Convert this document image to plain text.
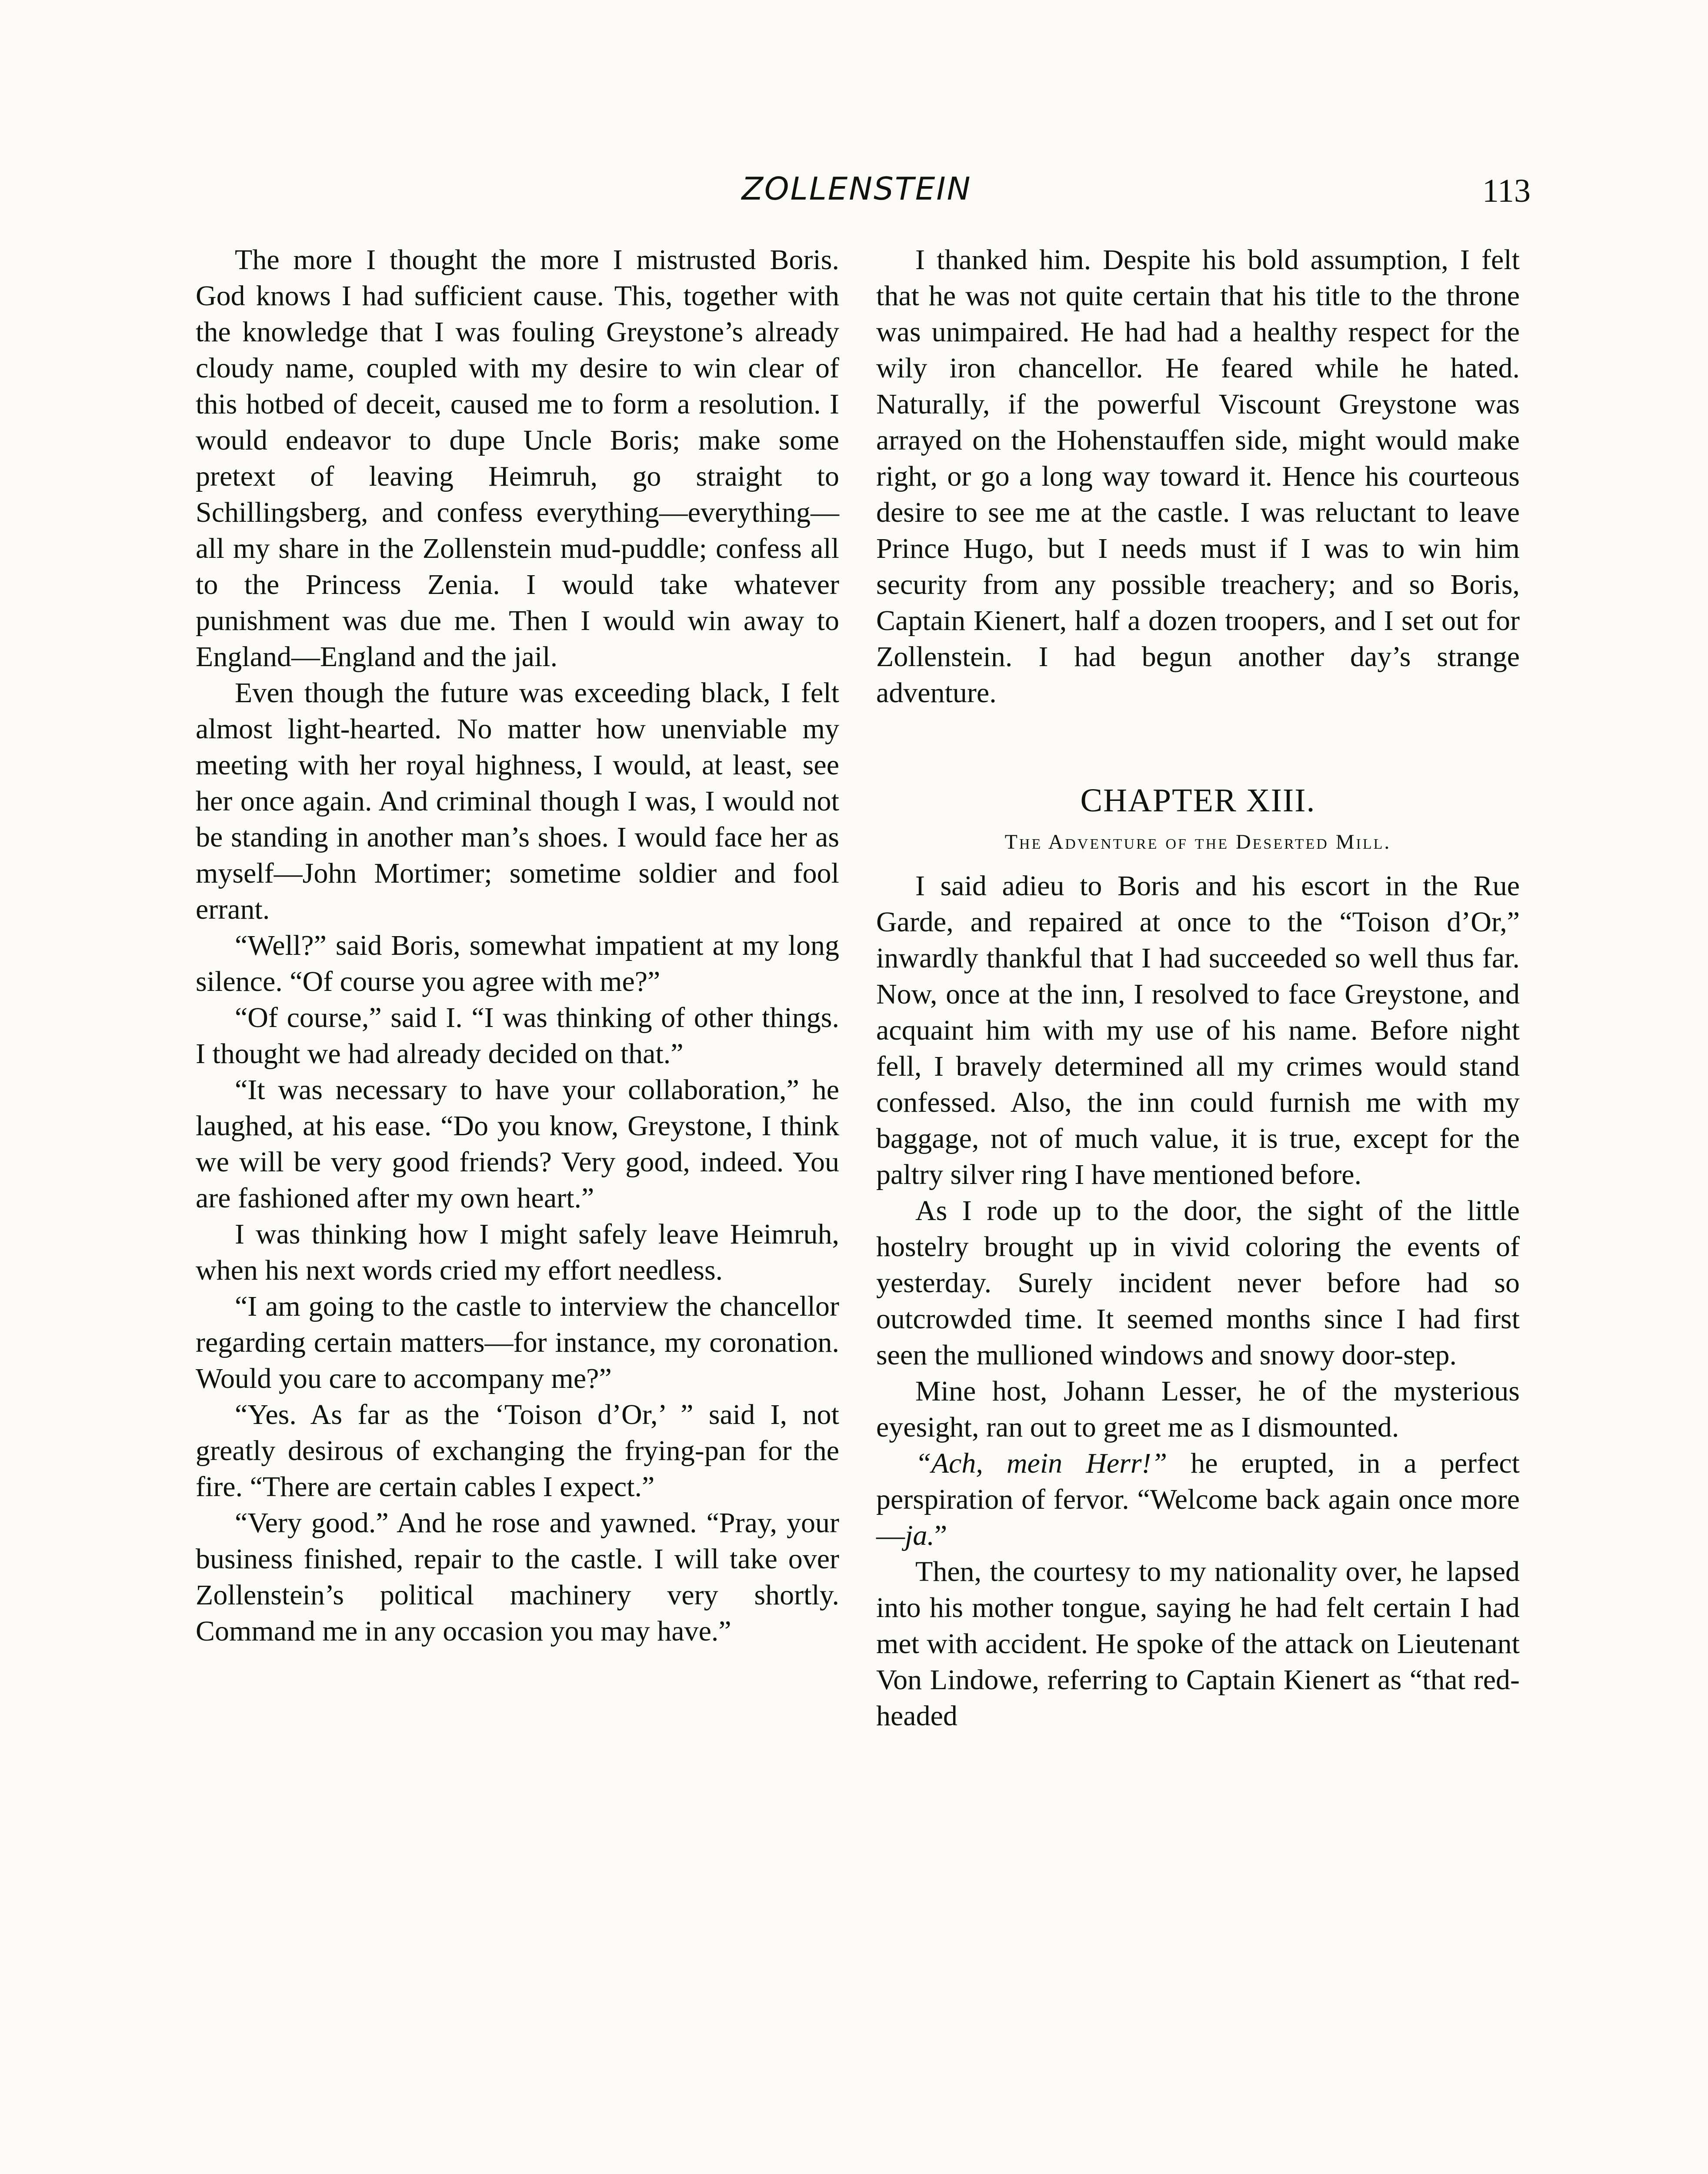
ZOLLENSTEIN	113

The more I thought the more I mistrusted Boris. God knows I had sufficient cause. This, together with the knowledge that I was fouling Greystone’s already cloudy name, coupled with my desire to win clear of this hotbed of deceit, caused me to form a resolution. I would endeavor to dupe Uncle Boris; make some pretext of leaving Heimruh, go straight to Schillingsberg, and confess everything—everything—all my share in the Zollenstein mud-puddle; confess all to the Princess Zenia. I would take whatever punishment was due me. Then I would win away to England—England and the jail.

Even though the future was exceeding black, I felt almost light-hearted. No matter how unenviable my meeting with her royal highness, I would, at least, see her once again. And criminal though I was, I would not be standing in another man’s shoes. I would face her as myself—John Mortimer; sometime soldier and fool errant.

“Well?” said Boris, somewhat impatient at my long silence. “Of course you agree with me?”

“Of course,” said I. “I was thinking of other things. I thought we had already decided on that.”

“It was necessary to have your collaboration,” he laughed, at his ease. “Do you know, Greystone, I think we will be very good friends? Very good, indeed. You are fashioned after my own heart.”

I was thinking how I might safely leave Heimruh, when his next words cried my effort needless.

“I am going to the castle to interview the chancellor regarding certain matters—for instance, my coronation. Would you care to accompany me?”

“Yes. As far as the ‘Toison d’Or,’ ” said I, not greatly desirous of exchanging the frying-pan for the fire. “There are certain cables I expect.”

“Very good.” And he rose and yawned. “Pray, your business finished, repair to the castle. I will take over Zollenstein’s political machinery very shortly. Command me in any occasion you may have.”

I thanked him. Despite his bold assumption, I felt that he was not quite certain that his title to the throne was unimpaired. He had had a healthy respect for the wily iron chancellor. He feared while he hated. Naturally, if the powerful Viscount Greystone was arrayed on the Hohenstauffen side, might would make right, or go a long way toward it. Hence his courteous desire to see me at the castle. I was reluctant to leave Prince Hugo, but I needs must if I was to win him security from any possible treachery; and so Boris, Captain Kienert, half a dozen troopers, and I set out for Zollenstein. I had begun another day’s strange adventure.

CHAPTER XIII.
The Adventure of the Deserted Mill.

I said adieu to Boris and his escort in the Rue Garde, and repaired at once to the “Toison d’Or,” inwardly thankful that I had succeeded so well thus far. Now, once at the inn, I resolved to face Greystone, and acquaint him with my use of his name. Before night fell, I bravely determined all my crimes would stand confessed. Also, the inn could furnish me with my baggage, not of much value, it is true, except for the paltry silver ring I have mentioned before.

As I rode up to the door, the sight of the little hostelry brought up in vivid coloring the events of yesterday. Surely incident never before had so outcrowded time. It seemed months since I had first seen the mullioned windows and snowy door-step.

Mine host, Johann Lesser, he of the mysterious eyesight, ran out to greet me as I dismounted.

“Ach, mein Herr!” he erupted, in a perfect perspiration of fervor. “Welcome back again once more—ja.”

Then, the courtesy to my nationality over, he lapsed into his mother tongue, saying he had felt certain I had met with accident. He spoke of the attack on Lieutenant Von Lindowe, referring to Captain Kienert as “that red-headed
